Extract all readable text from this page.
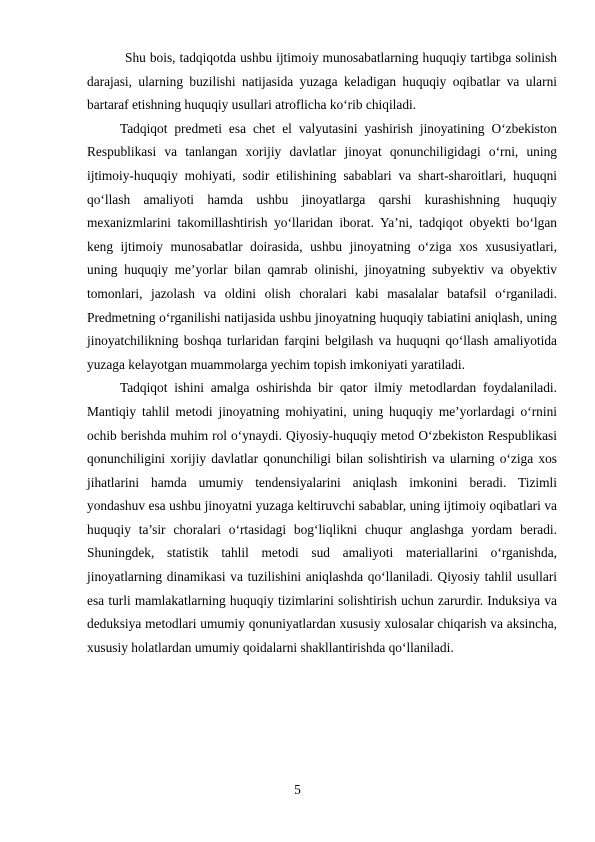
Shu bois, tadqiqotda ushbu ijtimoiy munosabatlarning huquqiy tartibga solinish darajasi, ularning buzilishi natijasida yuzaga keladigan huquqiy oqibatlar va ularni bartaraf etishning huquqiy usullari atroflicha ko‘rib chiqiladi.

Tadqiqot predmeti esa chet el valyutasini yashirish jinoyatining O‘zbekiston Respublikasi va tanlangan xorijiy davlatlar jinoyat qonunchiligidagi o‘rni, uning ijtimoiy-huquqiy mohiyati, sodir etilishining sabablari va shart-sharoitlari, huquqni qo‘llash amaliyoti hamda ushbu jinoyatlarga qarshi kurashishning huquqiy mexanizmlarini takomillashtirish yo‘llaridan iborat. Ya’ni, tadqiqot obyekti bo‘lgan keng ijtimoiy munosabatlar doirasida, ushbu jinoyatning o‘ziga xos xususiyatlari, uning huquqiy me’yorlar bilan qamrab olinishi, jinoyatning subyektiv va obyektiv tomonlari, jazolash va oldini olish choralari kabi masalalar batafsil o‘rganiladi. Predmetning o‘rganilishi natijasida ushbu jinoyatning huquqiy tabiatini aniqlash, uning jinoyatchilikning boshqa turlaridan farqini belgilash va huquqni qo‘llash amaliyotida yuzaga kelayotgan muammolarga yechim topish imkoniyati yaratiladi.

Tadqiqot ishini amalga oshirishda bir qator ilmiy metodlardan foydalaniladi. Mantiqiy tahlil metodi jinoyatning mohiyatini, uning huquqiy me’yorlardagi o‘rnini ochib berishda muhim rol o‘ynaydi. Qiyosiy-huquqiy metod O‘zbekiston Respublikasi qonunchiligini xorijiy davlatlar qonunchiligi bilan solishtirish va ularning o‘ziga xos jihatlarini hamda umumiy tendensiyalarini aniqlash imkonini beradi. Tizimli yondashuv esa ushbu jinoyatni yuzaga keltiruvchi sabablar, uning ijtimoiy oqibatlari va huquqiy ta’sir choralari o‘rtasidagi bog‘liqlikni chuqur anglashga yordam beradi. Shuningdek, statistik tahlil metodi sud amaliyoti materiallarini o‘rganishda, jinoyatlarning dinamikasi va tuzilishini aniqlashda qo‘llaniladi. Qiyosiy tahlil usullari esa turli mamlakatlarning huquqiy tizimlarini solishtirish uchun zarurdir. Induksiya va deduksiya metodlari umumiy qonuniyatlardan xususiy xulosalar chiqarish va aksincha, xususiy holatlardan umumiy qoidalarni shakllantirishda qo‘llaniladi.

5
